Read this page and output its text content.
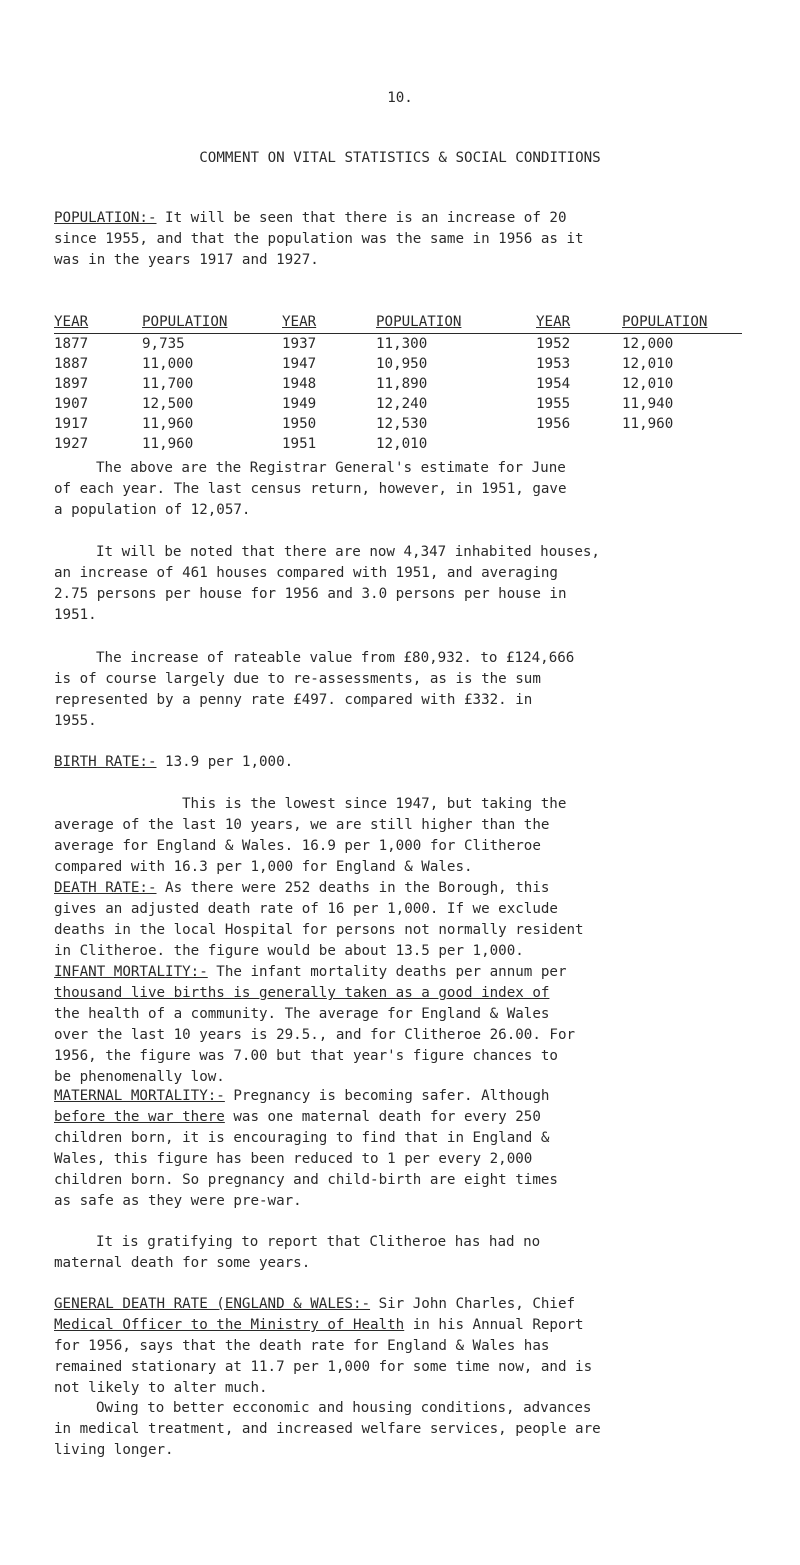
10.
COMMENT ON VITAL STATISTICS & SOCIAL CONDITIONS
POPULATION:- It will be seen that there is an increase of 20
since 1955, and that the population was the same in 1956 as it
was in the years 1917 and 1927.
YEAR	POPULATION	YEAR	POPULATION	YEAR	POPULATION
1877	9,735	1937	11,300	1952	12,000
1887	11,000	1947	10,950	1953	12,010
1897	11,700	1948	11,890	1954	12,010
1907	12,500	1949	12,240	1955	11,940
1917	11,960	1950	12,530	1956	11,960
1927	11,960	1951	12,010		
The above are the Registrar General's estimate for June
of each year. The last census return, however, in 1951, gave
a population of 12,057.
It will be noted that there are now 4,347 inhabited houses,
an increase of 461 houses compared with 1951, and averaging
2.75 persons per house for 1956 and 3.0 persons per house in
1951.
The increase of rateable value from £80,932. to £124,666
is of course largely due to re-assessments, as is the sum
represented by a penny rate £497. compared with £332. in
1955.
BIRTH RATE:- 13.9 per 1,000.
This is the lowest since 1947, but taking the
average of the last 10 years, we are still higher than the
average for England & Wales. 16.9 per 1,000 for Clitheroe
compared with 16.3 per 1,000 for England & Wales.
DEATH RATE:- As there were 252 deaths in the Borough, this
gives an adjusted death rate of 16 per 1,000. If we exclude
deaths in the local Hospital for persons not normally resident
in Clitheroe. the figure would be about 13.5 per 1,000.
INFANT MORTALITY:- The infant mortality deaths per annum per
thousand live births is generally taken as a good index of
the health of a community. The average for England & Wales
over the last 10 years is 29.5., and for Clitheroe 26.00. For
1956, the figure was 7.00 but that year's figure chances to
be phenomenally low.
MATERNAL MORTALITY:- Pregnancy is becoming safer. Although
before the war there was one maternal death for every 250
children born, it is encouraging to find that in England &
Wales, this figure has been reduced to 1 per every 2,000
children born. So pregnancy and child-birth are eight times
as safe as they were pre-war.
It is gratifying to report that Clitheroe has had no
maternal death for some years.
GENERAL DEATH RATE (ENGLAND & WALES:- Sir John Charles, Chief
Medical Officer to the Ministry of Health in his Annual Report
for 1956, says that the death rate for England & Wales has
remained stationary at 11.7 per 1,000 for some time now, and is
not likely to alter much.
Owing to better ecconomic and housing conditions, advances
in medical treatment, and increased welfare services, people are
living longer.
